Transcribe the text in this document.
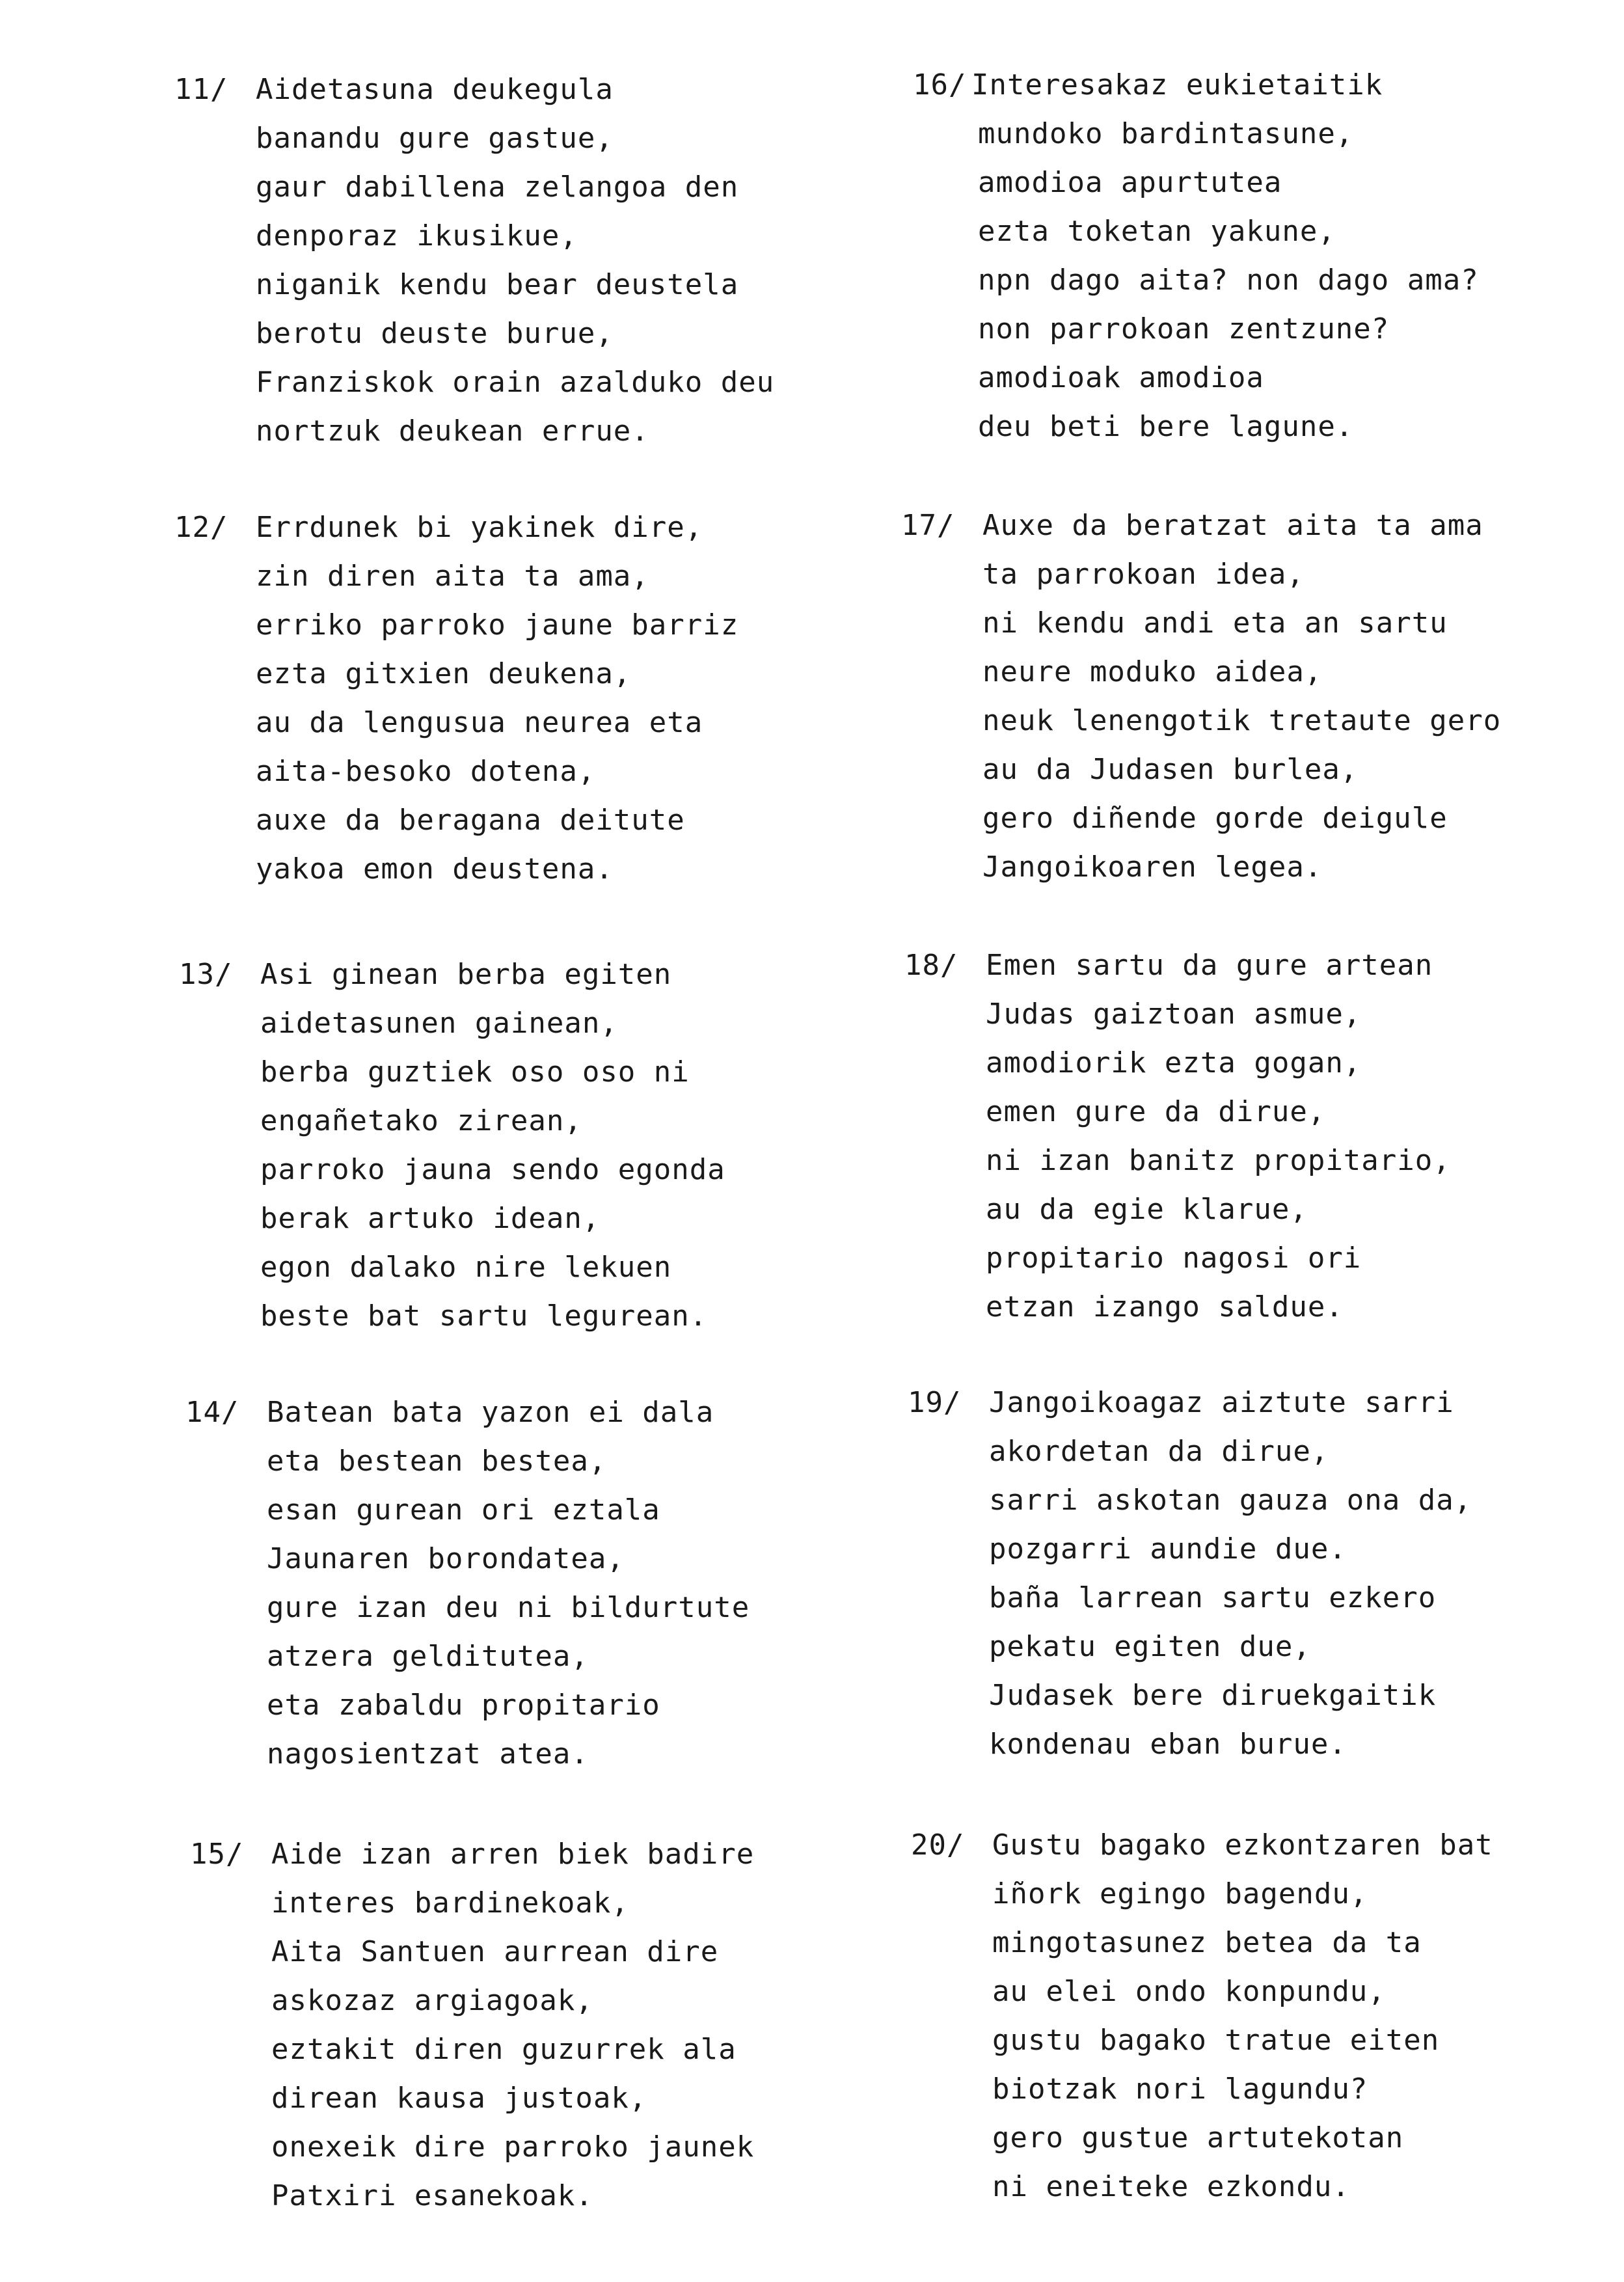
11/ Aidetasuna deukegula
banandu gure gastue,
gaur dabillena zelangoa den
denporaz ikusikue,
niganik kendu bear deustela
berotu deuste burue,
Franziskok orain azalduko deu
nortzuk deukean errue.
12/ Errdunek bi yakinek dire,
zin diren aita ta ama,
erriko parroko jaune barriz
ezta gitxien deukena,
au da lengusua neurea eta
aita-besoko dotena,
auxe da beragana deitute
yakoa emon deustena.
13/ Asi ginean berba egiten
aidetasunen gainean,
berba guztiek oso oso ni
engañetako zirean,
parroko jauna sendo egonda
berak artuko idean,
egon dalako nire lekuen
beste bat sartu legurean.
14/ Batean bata yazon ei dala
eta bestean bestea,
esan gurean ori eztala
Jaunaren borondatea,
gure izan deu ni bildurtute
atzera gelditutea,
eta zabaldu propitario
nagosientzat atea.
15/ Aide izan arren biek badire
interes bardinekoak,
Aita Santuen aurrean dire
askozaz argiagoak,
eztakit diren guzurrek ala
direan kausa justoak,
onexeik dire parroko jaunek
Patxiri esanekoak.
16/ Interesakaz eukietaitik
mundoko bardintasune,
amodioa apurtutea
ezta toketan yakune,
npn dago aita? non dago ama?
non parrokoan zentzune?
amodioak amodioa
deu beti bere lagune.
17/ Auxe da beratzat aita ta ama
ta parrokoan idea,
ni kendu andi eta an sartu
neure moduko aidea,
neuk lenengotik tretaute gero
au da Judasen burlea,
gero diñende gorde deigule
Jangoikoaren legea.
18/ Emen sartu da gure artean
Judas gaiztoan asmue,
amodiorik ezta gogan,
emen gure da dirue,
ni izan banitz propitario,
au da egie klarue,
propitario nagosi ori
etzan izango saldue.
19/ Jangoikoagaz aiztute sarri
akordetan da dirue,
sarri askotan gauza ona da,
pozgarri aundie due.
baña larrean sartu ezkero
pekatu egiten due,
Judasek bere diruekgaitik
kondenau eban burue.
20/ Gustu bagako ezkontzaren bat
iñork egingo bagendu,
mingotasunez betea da ta
au elei ondo konpundu,
gustu bagako tratue eiten
biotzak nori lagundu?
gero gustue artutekotan
ni eneiteke ezkondu.
